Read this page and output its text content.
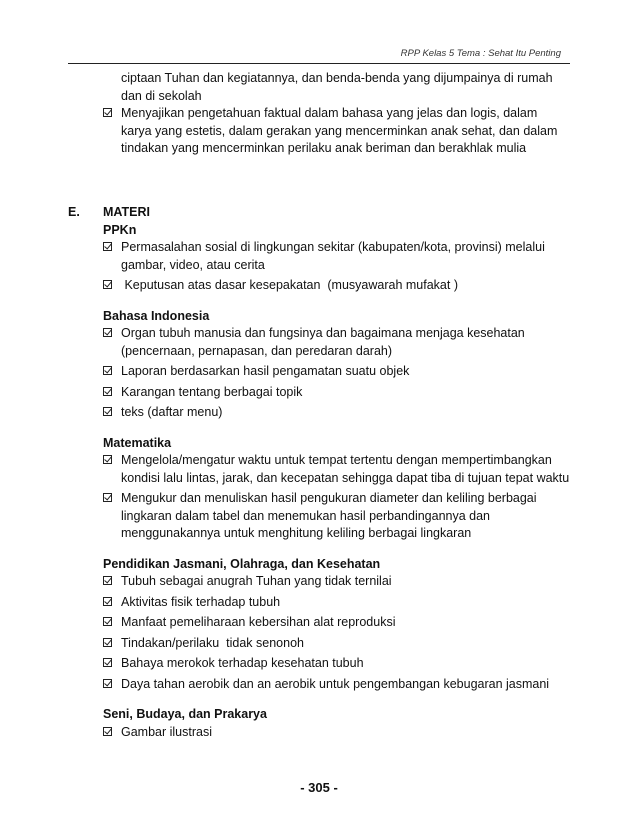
RPP Kelas 5 Tema : Sehat Itu Penting

ciptaan Tuhan dan kegiatannya, dan benda-benda yang dijumpainya di rumah dan di sekolah

Menyajikan pengetahuan faktual dalam bahasa yang jelas dan logis, dalam karya yang estetis, dalam gerakan yang mencerminkan anak sehat, dan dalam tindakan yang mencerminkan perilaku anak beriman dan berakhlak mulia
E. MATERI
PPKn
Permasalahan sosial di lingkungan sekitar (kabupaten/kota, provinsi) melalui gambar, video, atau cerita
Keputusan atas dasar kesepakatan  (musyawarah mufakat )
Bahasa Indonesia
Organ tubuh manusia dan fungsinya dan bagaimana menjaga kesehatan (pencernaan, pernapasan, dan peredaran darah)
Laporan berdasarkan hasil pengamatan suatu objek
Karangan tentang berbagai topik
teks (daftar menu)
Matematika
Mengelola/mengatur waktu untuk tempat tertentu dengan mempertimbangkan kondisi lalu lintas, jarak, dan kecepatan sehingga dapat tiba di tujuan tepat waktu
Mengukur dan menuliskan hasil pengukuran diameter dan keliling berbagai lingkaran dalam tabel dan menemukan hasil perbandingannya dan menggunakannya untuk menghitung keliling berbagai lingkaran
Pendidikan Jasmani, Olahraga, dan Kesehatan
Tubuh sebagai anugrah Tuhan yang tidak ternilai
Aktivitas fisik terhadap tubuh
Manfaat pemeliharaan kebersihan alat reproduksi
Tindakan/perilaku  tidak senonoh
Bahaya merokok terhadap kesehatan tubuh
Daya tahan aerobik dan an aerobik untuk pengembangan kebugaran jasmani
Seni, Budaya, dan Prakarya
Gambar ilustrasi
- 305 -
